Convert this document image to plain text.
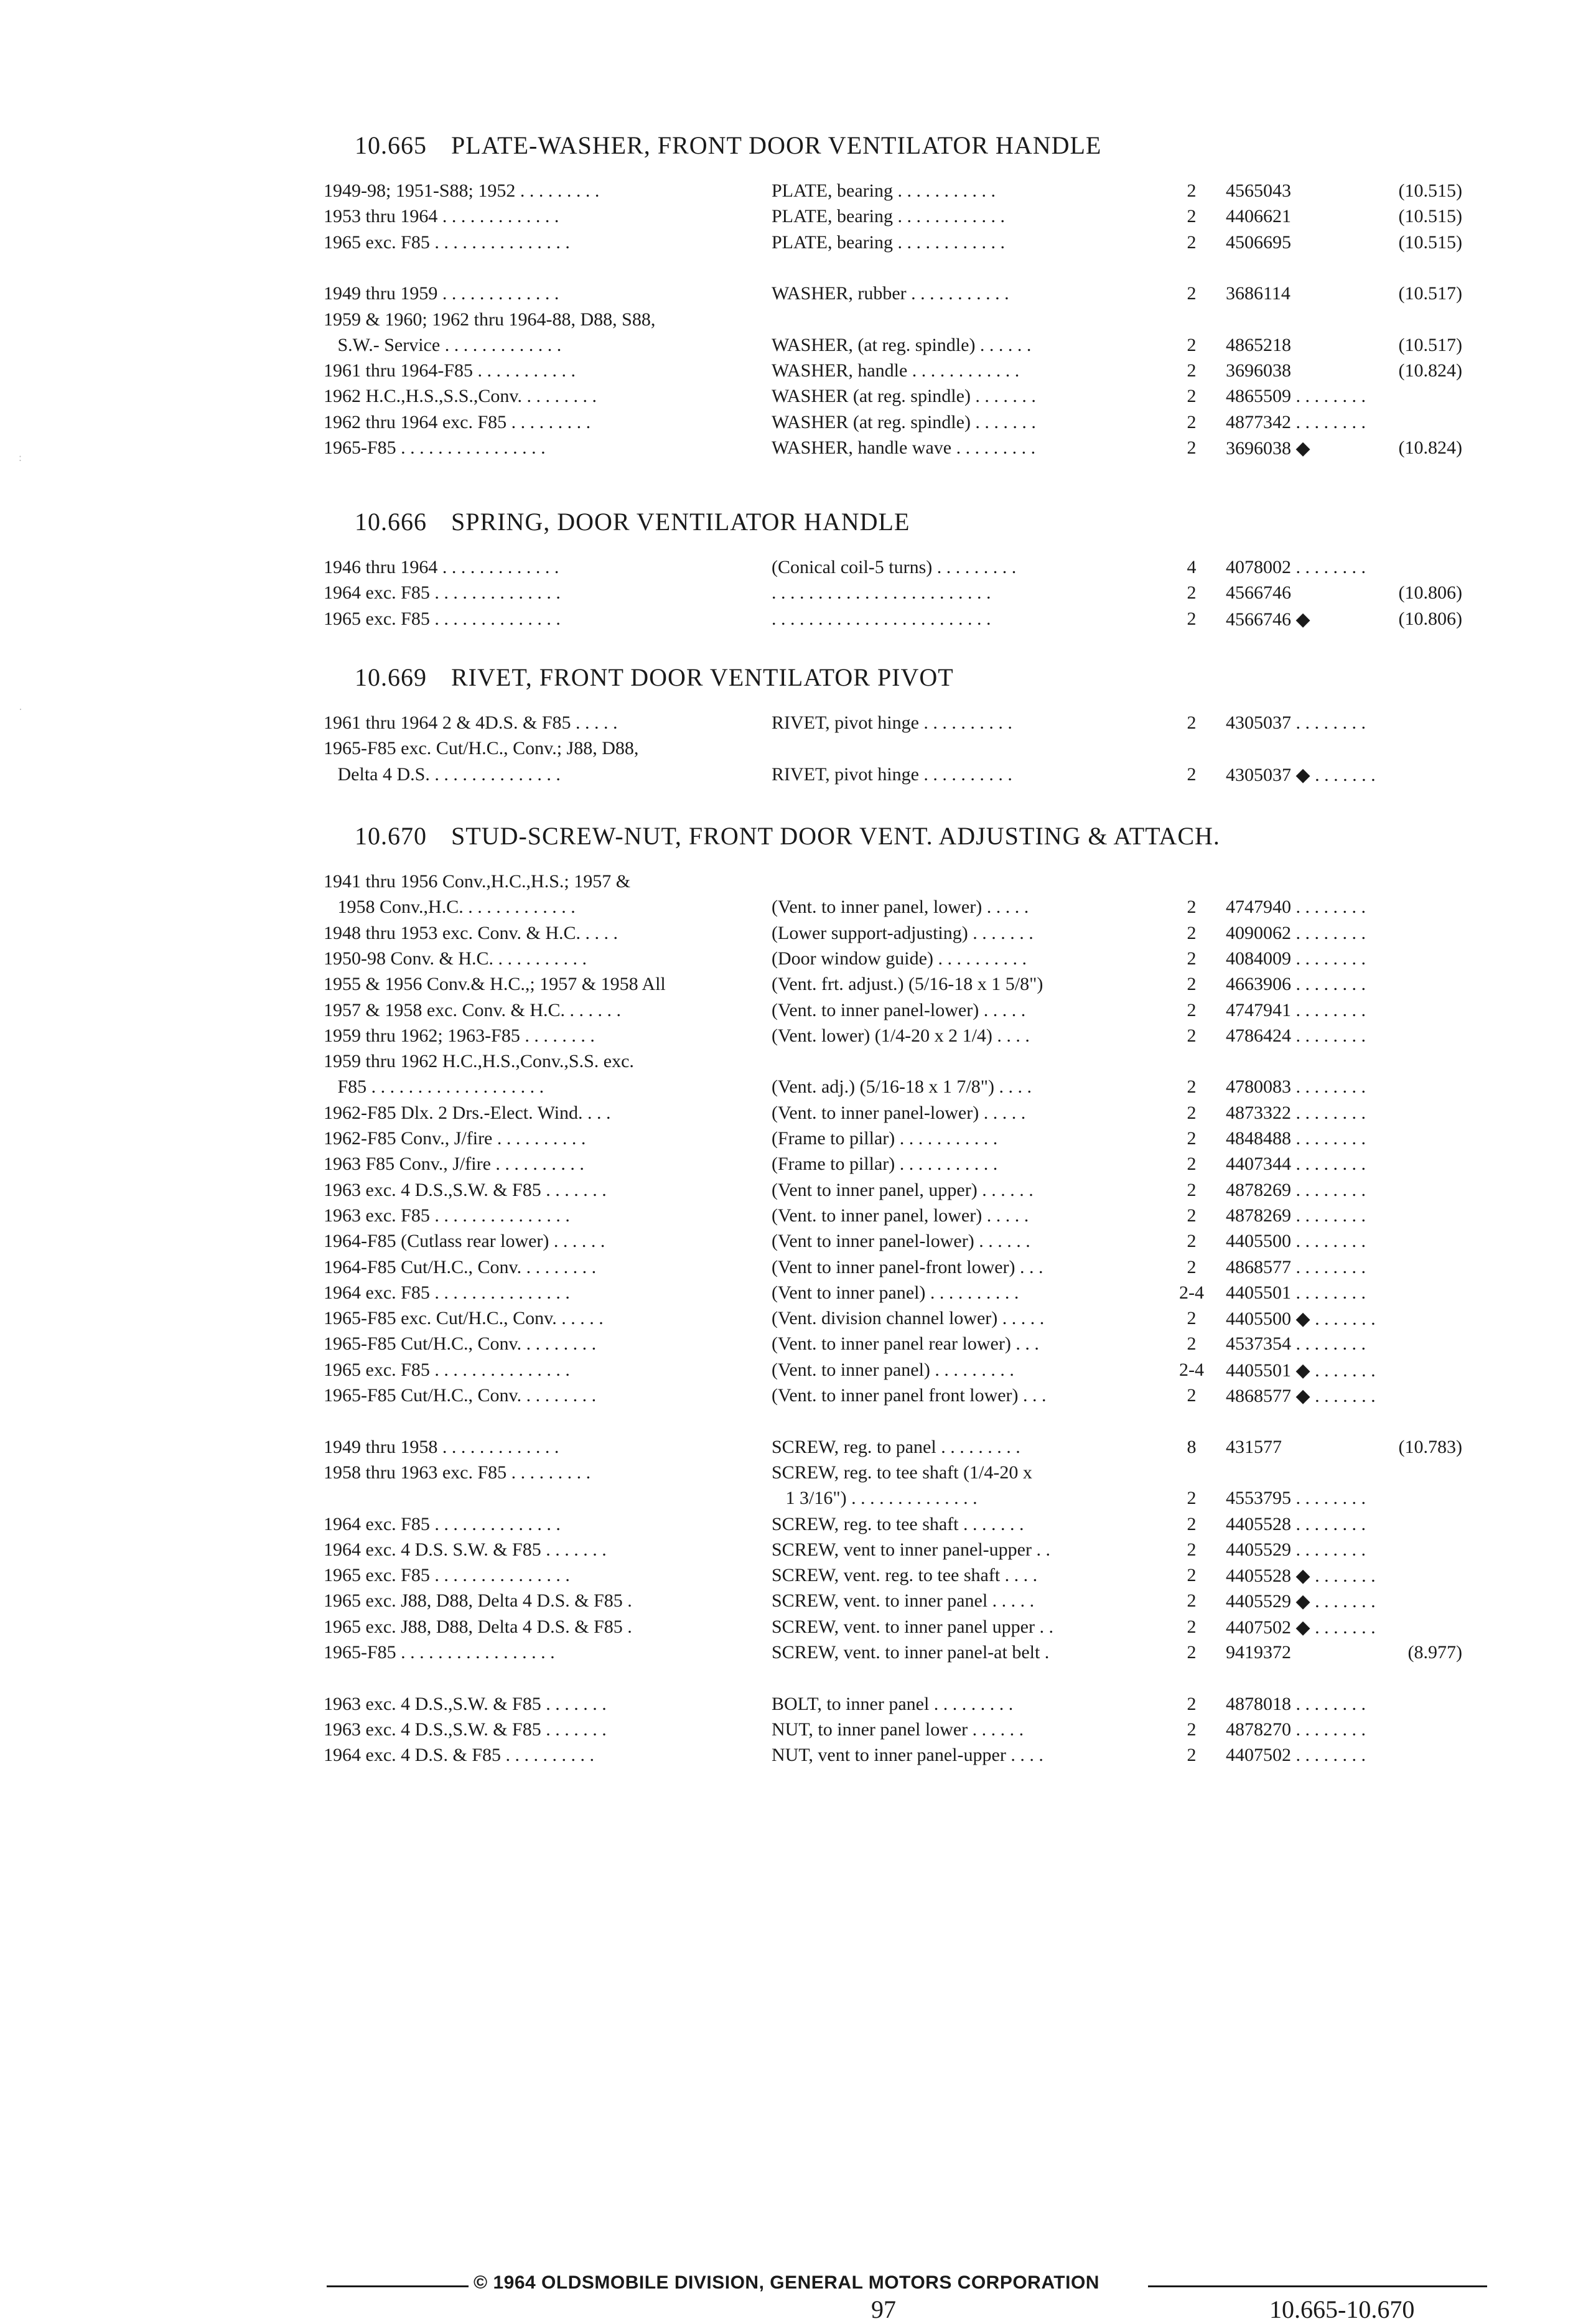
:
·
10.665 PLATE-WASHER, FRONT DOOR VENTILATOR HANDLE
1949-98; 1951-S88; 1952 . . . . . . . . .	PLATE, bearing . . . . . . . . . . .	2	4565043	(10.515)
1953 thru 1964 . . . . . . . . . . . . .	PLATE, bearing . . . . . . . . . . . .	2	4406621	(10.515)
1965 exc. F85 . . . . . . . . . . . . . . .	PLATE, bearing . . . . . . . . . . . .	2	4506695	(10.515)
1949 thru 1959 . . . . . . . . . . . . .	WASHER, rubber . . . . . . . . . . .	2	3686114	(10.517)
1959 & 1960; 1962 thru 1964-88, D88, S88,
S.W.- Service . . . . . . . . . . . . .	WASHER, (at reg. spindle) . . . . . .	2	4865218	(10.517)
1961 thru 1964-F85 . . . . . . . . . . .	WASHER, handle . . . . . . . . . . . .	2	3696038	(10.824)
1962 H.C.,H.S.,S.S.,Conv. . . . . . . . .	WASHER (at reg. spindle) . . . . . . .	2	4865509 . . . . . . . .
1962 thru 1964 exc. F85 . . . . . . . . .	WASHER (at reg. spindle) . . . . . . .	2	4877342 . . . . . . . .
1965-F85 . . . . . . . . . . . . . . . .	WASHER, handle wave . . . . . . . . .	2	3696038 ◆	(10.824)
10.666 SPRING, DOOR VENTILATOR HANDLE
1946 thru 1964 . . . . . . . . . . . . .	(Conical coil-5 turns) . . . . . . . . .	4	4078002 . . . . . . . .
1964 exc. F85 . . . . . . . . . . . . . .	. . . . . . . . . . . . . . . . . . . . . . . .	2	4566746	(10.806)
1965 exc. F85 . . . . . . . . . . . . . .	. . . . . . . . . . . . . . . . . . . . . . . .	2	4566746 ◆	(10.806)
10.669 RIVET, FRONT DOOR VENTILATOR PIVOT
1961 thru 1964 2 & 4D.S. & F85 . . . . .	RIVET, pivot hinge . . . . . . . . . .	2	4305037 . . . . . . . .
1965-F85 exc. Cut/H.C., Conv.; J88, D88,
Delta 4 D.S. . . . . . . . . . . . . . .	RIVET, pivot hinge . . . . . . . . . .	2	4305037 ◆ . . . . . . .
10.670 STUD-SCREW-NUT, FRONT DOOR VENT. ADJUSTING & ATTACH.
1941 thru 1956 Conv.,H.C.,H.S.; 1957 &
1958 Conv.,H.C. . . . . . . . . . . . .	(Vent. to inner panel, lower) . . . . .	2	4747940 . . . . . . . .
1948 thru 1953 exc. Conv. & H.C. . . . .	(Lower support-adjusting) . . . . . . .	2	4090062 . . . . . . . .
1950-98 Conv. & H.C. . . . . . . . . . .	(Door window guide) . . . . . . . . . .	2	4084009 . . . . . . . .
1955 & 1956 Conv.& H.C.,; 1957 & 1958 All	(Vent. frt. adjust.) (5/16-18 x 1 5/8")	2	4663906 . . . . . . . .
1957 & 1958 exc. Conv. & H.C. . . . . . .	(Vent. to inner panel-lower) . . . . .	2	4747941 . . . . . . . .
1959 thru 1962; 1963-F85 . . . . . . . .	(Vent. lower) (1/4-20 x 2 1/4) . . . .	2	4786424 . . . . . . . .
1959 thru 1962 H.C.,H.S.,Conv.,S.S. exc.
F85 . . . . . . . . . . . . . . . . . . .	(Vent. adj.) (5/16-18 x 1 7/8") . . . .	2	4780083 . . . . . . . .
1962-F85 Dlx. 2 Drs.-Elect. Wind. . . .	(Vent. to inner panel-lower) . . . . .	2	4873322 . . . . . . . .
1962-F85 Conv., J/fire . . . . . . . . . .	(Frame to pillar) . . . . . . . . . . .	2	4848488 . . . . . . . .
1963 F85 Conv., J/fire . . . . . . . . . .	(Frame to pillar) . . . . . . . . . . .	2	4407344 . . . . . . . .
1963 exc. 4 D.S.,S.W. & F85 . . . . . . .	(Vent to inner panel, upper) . . . . . .	2	4878269 . . . . . . . .
1963 exc. F85 . . . . . . . . . . . . . . .	(Vent. to inner panel, lower) . . . . .	2	4878269 . . . . . . . .
1964-F85 (Cutlass rear lower) . . . . . .	(Vent to inner panel-lower) . . . . . .	2	4405500 . . . . . . . .
1964-F85 Cut/H.C., Conv. . . . . . . . .	(Vent to inner panel-front lower) . . .	2	4868577 . . . . . . . .
1964 exc. F85 . . . . . . . . . . . . . . .	(Vent to inner panel) . . . . . . . . . .	2-4	4405501 . . . . . . . .
1965-F85 exc. Cut/H.C., Conv. . . . . .	(Vent. division channel lower) . . . . .	2	4405500 ◆ . . . . . . .
1965-F85 Cut/H.C., Conv. . . . . . . . .	(Vent. to inner panel rear lower) . . .	2	4537354 . . . . . . . .
1965 exc. F85 . . . . . . . . . . . . . . .	(Vent. to inner panel) . . . . . . . . .	2-4	4405501 ◆ . . . . . . .
1965-F85 Cut/H.C., Conv. . . . . . . . .	(Vent. to inner panel front lower) . . .	2	4868577 ◆ . . . . . . .
1949 thru 1958 . . . . . . . . . . . . .	SCREW, reg. to panel . . . . . . . . .	8	431577	(10.783)
1958 thru 1963 exc. F85 . . . . . . . . .	SCREW, reg. to tee shaft (1/4-20 x
1 3/16") . . . . . . . . . . . . . .	2	4553795 . . . . . . . .
1964 exc. F85 . . . . . . . . . . . . . .	SCREW, reg. to tee shaft . . . . . . .	2	4405528 . . . . . . . .
1964 exc. 4 D.S. S.W. & F85 . . . . . . .	SCREW, vent to inner panel-upper . .	2	4405529 . . . . . . . .
1965 exc. F85 . . . . . . . . . . . . . . .	SCREW, vent. reg. to tee shaft . . . .	2	4405528 ◆ . . . . . . .
1965 exc. J88, D88, Delta 4 D.S. & F85 .	SCREW, vent. to inner panel . . . . .	2	4405529 ◆ . . . . . . .
1965 exc. J88, D88, Delta 4 D.S. & F85 .	SCREW, vent. to inner panel upper . .	2	4407502 ◆ . . . . . . .
1965-F85 . . . . . . . . . . . . . . . . .	SCREW, vent. to inner panel-at belt .	2	9419372	(8.977)
1963 exc. 4 D.S.,S.W. & F85 . . . . . . .	BOLT, to inner panel . . . . . . . . .	2	4878018 . . . . . . . .
1963 exc. 4 D.S.,S.W. & F85 . . . . . . .	NUT, to inner panel lower . . . . . .	2	4878270 . . . . . . . .
1964 exc. 4 D.S. & F85 . . . . . . . . . .	NUT, vent to inner panel-upper . . . .	2	4407502 . . . . . . . .
© 1964 OLDSMOBILE DIVISION, GENERAL MOTORS CORPORATION
97	10.665-10.670
